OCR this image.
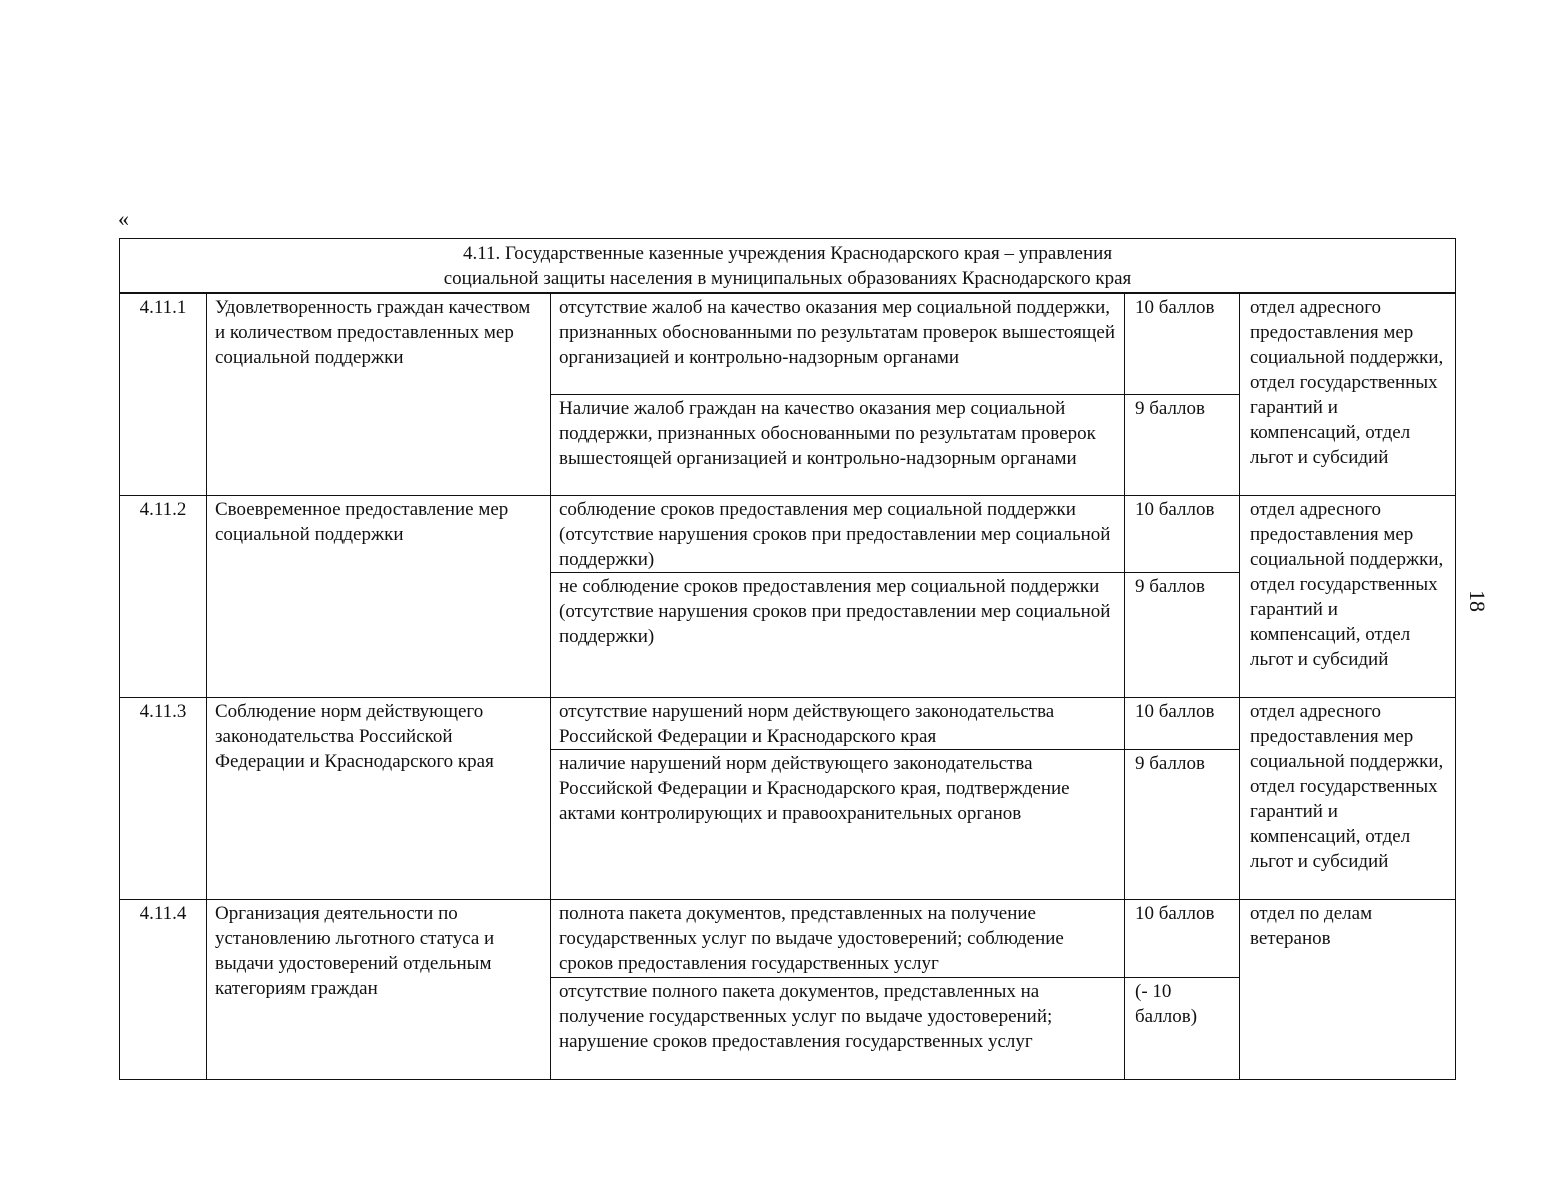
«
18
4.11. Государственные казенные учреждения Краснодарского края – управления
социальной защиты населения в муниципальных образованиях Краснодарского края				

4.11.1	Удовлетворенность граждан качеством и количеством предоставленных мер социальной поддержки	отсутствие жалоб на качество оказания мер социальной поддержки, признанных обоснованными по результатам проверок вышестоящей организацией и контрольно-надзорным органами	10 баллов	отдел адресного предоставления мер социальной поддержки, отдел государственных гарантий и компенсаций, отдел льгот и субсидий
		Наличие жалоб граждан на качество оказания мер социальной поддержки, признанных обоснованными по результатам проверок вышестоящей организацией и контрольно-надзорным органами	9 баллов	
4.11.2	Своевременное предоставление мер социальной поддержки	соблюдение сроков предоставления мер социальной поддержки (отсутствие нарушения сроков при предоставлении мер социальной поддержки)	10 баллов	отдел адресного предоставления мер социальной поддержки, отдел государственных гарантий и компенсаций, отдел льгот и субсидий
		не соблюдение сроков предоставления мер социальной поддержки (отсутствие нарушения сроков при предоставлении мер социальной поддержки)	9 баллов	
4.11.3	Соблюдение норм действующего законодательства Российской Федерации и Краснодарского края	отсутствие нарушений норм действующего законодательства Российской Федерации и Краснодарского края	10 баллов	отдел адресного предоставления мер социальной поддержки, отдел государственных гарантий и компенсаций, отдел льгот и субсидий
		наличие нарушений норм действующего законодательства Российской Федерации и Краснодарского края, подтверждение актами контролирующих и правоохранительных органов	9 баллов	
4.11.4	Организация деятельности по установлению льготного статуса и выдачи удостоверений отдельным категориям граждан	полнота пакета документов, представленных на получение государственных услуг по выдаче удостоверений; соблюдение сроков предоставления государственных услуг	10 баллов	отдел по делам ветеранов
		отсутствие полного пакета документов, представленных на получение государственных услуг по выдаче удостоверений; нарушение сроков предоставления государственных услуг	(- 10 баллов)	
